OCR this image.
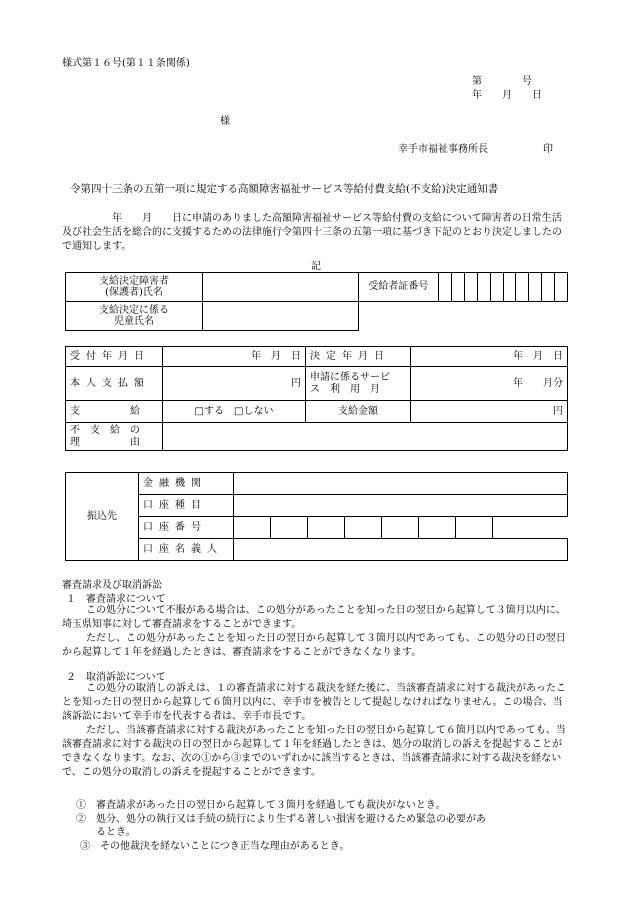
様式第１６号(第１１条関係)
第　　　　号
年　　月　　日
様
幸手市福祉事務所長	印
令第四十三条の五第一項に規定する高額障害福祉サービス等給付費支給(不支給)決定通知書
　　　　　年　　月　　日に申請のありました高額障害福祉サービス等給付費の支給について障害者の日常生活及び社会生活を総合的に支援するための法律施行令第四十三条の五第一項に基づき下記のとおり決定しましたので通知します。
記
支給決定障害者
(保護者)氏名		受給者証番号										

支給決定に係る
児童氏名												

受付年月日	年　月　日	決定年月日	年　月　日
本人支払額	円	申請に係るサービ
ス　利　用　月	年　　月分
支　　　　　給	□する　□しない	支給金額	円

不　支　給　の
理　　　　　由			

振込先	金融機関								
	口座種目								
	口座番号								
	口座名義人								
審査請求及び取消訴訟
１　審査請求について
この処分について不服がある場合は、この処分があったことを知った日の翌日から起算して３箇月以内に、埼玉県知事に対して審査請求をすることができます。
ただし、この処分があったことを知った日の翌日から起算して３箇月以内であっても、この処分の日の翌日から起算して１年を経過したときは、審査請求をすることができなくなります。
２　取消訴訟について
この処分の取消しの訴えは、１の審査請求に対する裁決を経た後に、当該審査請求に対する裁決があったことを知った日の翌日から起算して６箇月以内に、幸手市を被告として提起しなければなりません。この場合、当該訴訟において幸手市を代表する者は、幸手市長です。
ただし、当該審査請求に対する裁決があったことを知った日の翌日から起算して６箇月以内であっても、当該審査請求に対する裁決の日の翌日から起算して１年を経過したときは、処分の取消しの訴えを提起することができなくなります。なお、次の①から③までのいずれかに該当するときは、当該審査請求に対する裁決を経ないで、この処分の取消しの訴えを提起することができます。
①　審査請求があった日の翌日から起算して３箇月を経過しても裁決がないとき。
②　処分、処分の執行又は手続の続行により生ずる著しい損害を避けるため緊急の必要があ
るとき。
③　その他裁決を経ないことにつき正当な理由があるとき。
